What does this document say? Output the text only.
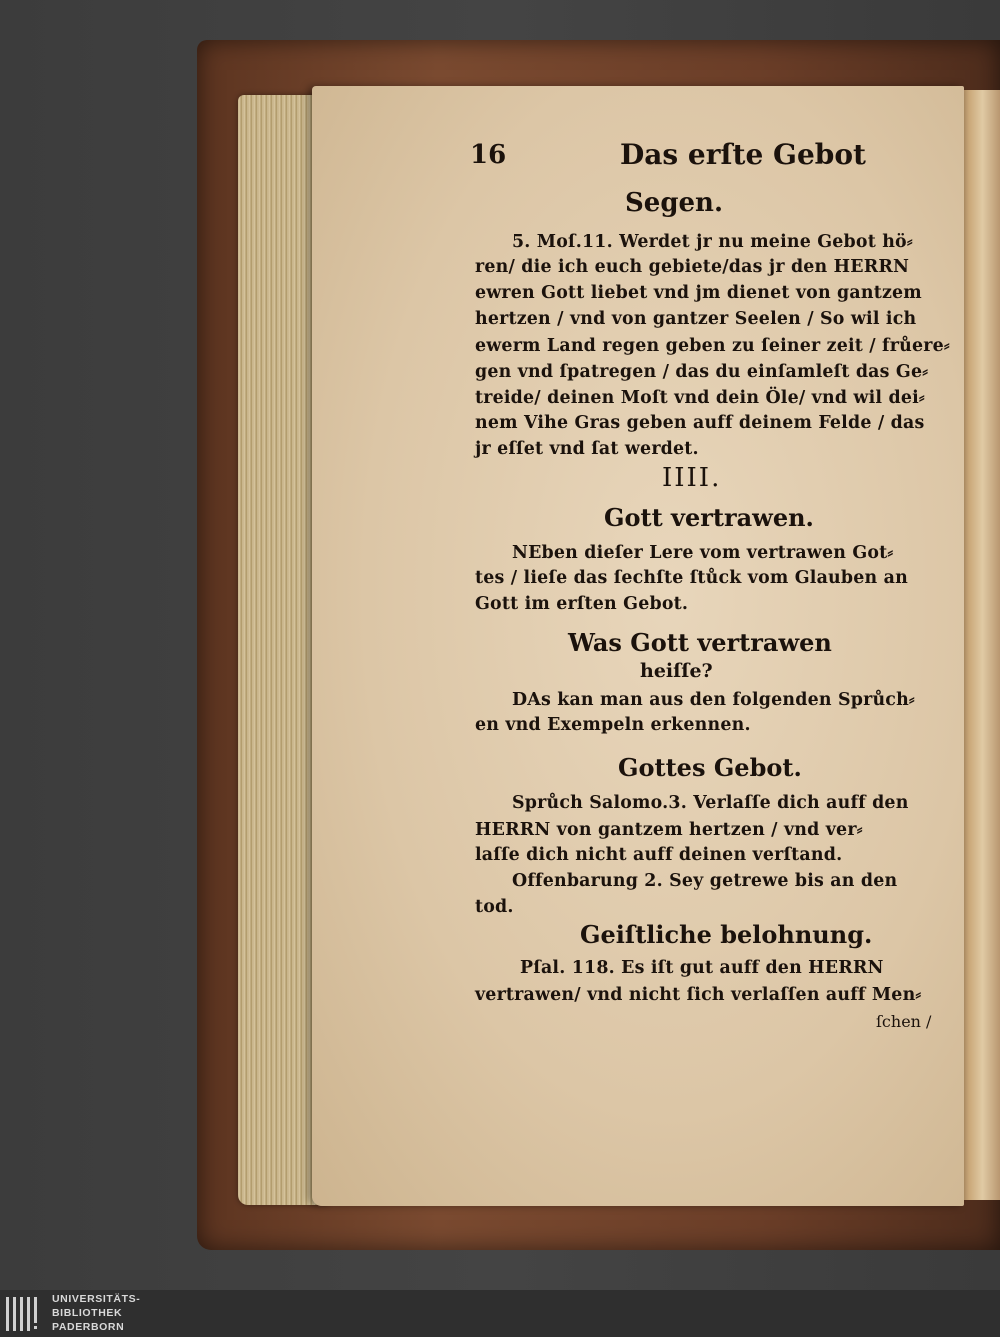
16	Das erſte Gebot
Segen.
5. Moſ.11. Werdet jr nu meine Gebot hö⸗
ren/ die ich euch gebiete/das jr den HERRN
ewren Gott liebet vnd jm dienet von gantzem
hertzen / vnd von gantzer Seelen / So wil ich
ewerm Land regen geben zu ſeiner zeit / frůere⸗
gen vnd ſpatregen / das du einſamleſt das Ge⸗
treide/ deinen Moſt vnd dein Öle/ vnd wil dei⸗
nem Vihe Gras geben auff deinem Felde / das
jr eſſet vnd ſat werdet.
IIII.
Gott vertrawen.
NEben dieſer Lere vom vertrawen Got⸗
tes / lieſe das ſechſte ſtůck vom Glauben an
Gott im erſten Gebot.
Was Gott vertrawen
heiſſe?
DAs kan man aus den folgenden Sprůch⸗
en vnd Exempeln erkennen.
Gottes Gebot.
Sprůch Salomo.3. Verlaſſe dich auff den
HERRN von gantzem hertzen / vnd ver⸗
laſſe dich nicht auff deinen verſtand.
Offenbarung 2. Sey getrewe bis an den
tod.
Geiſtliche belohnung.
Pſal. 118. Es iſt gut auff den HERRN
vertrawen/ vnd nicht ſich verlaſſen auff Men⸗
ſchen /
UNIVERSITÄTS-
BIBLIOTHEK
PADERBORN
